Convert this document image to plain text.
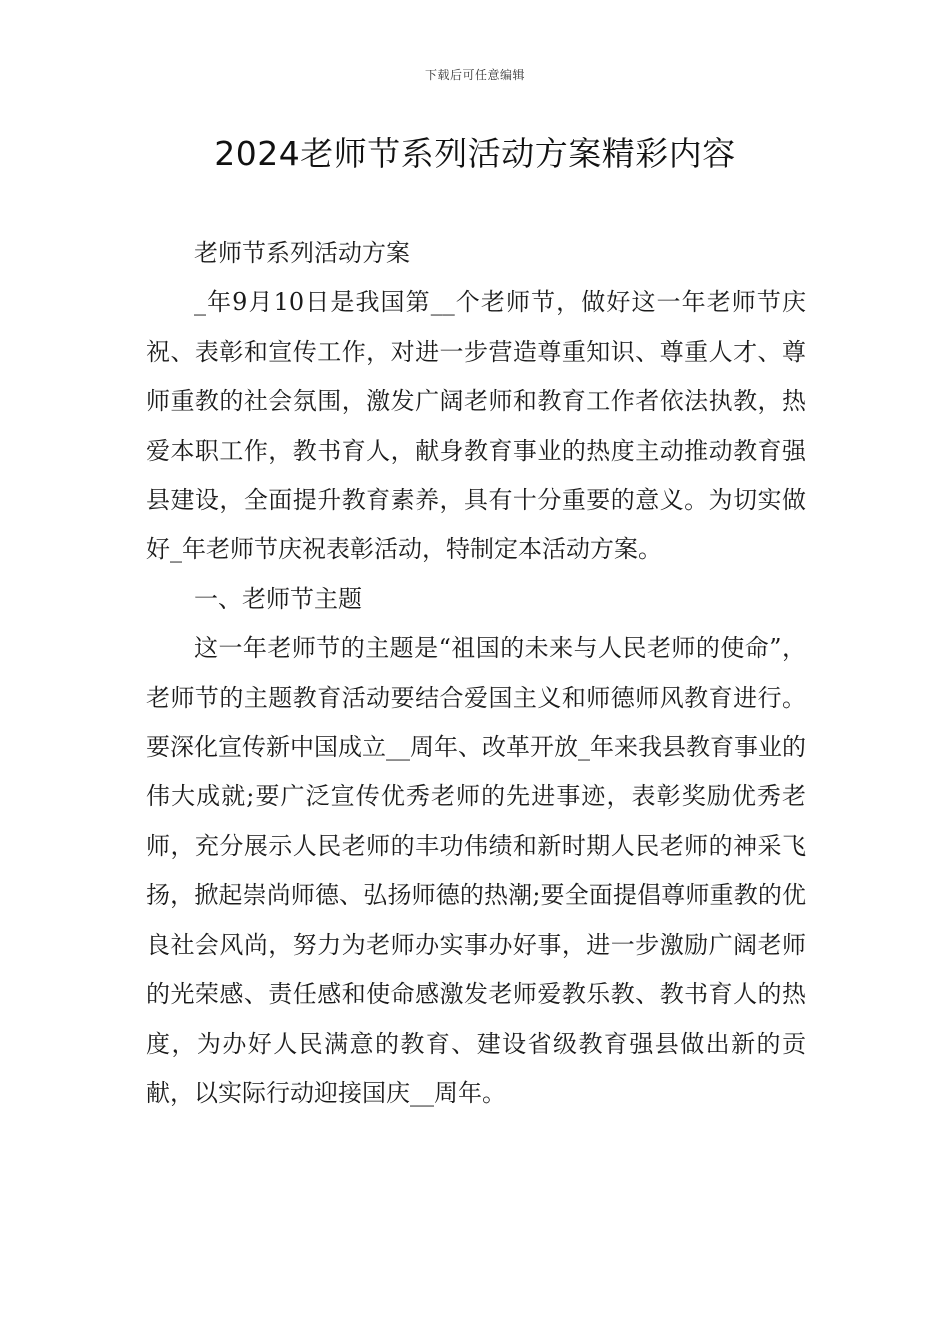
下载后可任意编辑
2024老师节系列活动方案精彩内容

老师节系列活动方案

_年9月10日是我国第__个老师节，做好这一年老师节庆祝、表彰和宣传工作，对进一步营造尊重知识、尊重人才、尊师重教的社会氛围，激发广阔老师和教育工作者依法执教，热爱本职工作，教书育人，献身教育事业的热度主动推动教育强县建设，全面提升教育素养，具有十分重要的意义。为切实做好_年老师节庆祝表彰活动，特制定本活动方案。

一、老师节主题

这一年老师节的主题是“祖国的未来与人民老师的使命”，老师节的主题教育活动要结合爱国主义和师德师风教育进行。要深化宣传新中国成立__周年、改革开放_年来我县教育事业的伟大成就;要广泛宣传优秀老师的先进事迹，表彰奖励优秀老师，充分展示人民老师的丰功伟绩和新时期人民老师的神采飞扬，掀起崇尚师德、弘扬师德的热潮;要全面提倡尊师重教的优良社会风尚，努力为老师办实事办好事，进一步激励广阔老师的光荣感、责任感和使命感激发老师爱教乐教、教书育人的热度，为办好人民满意的教育、建设省级教育强县做出新的贡献，以实际行动迎接国庆__周年。
